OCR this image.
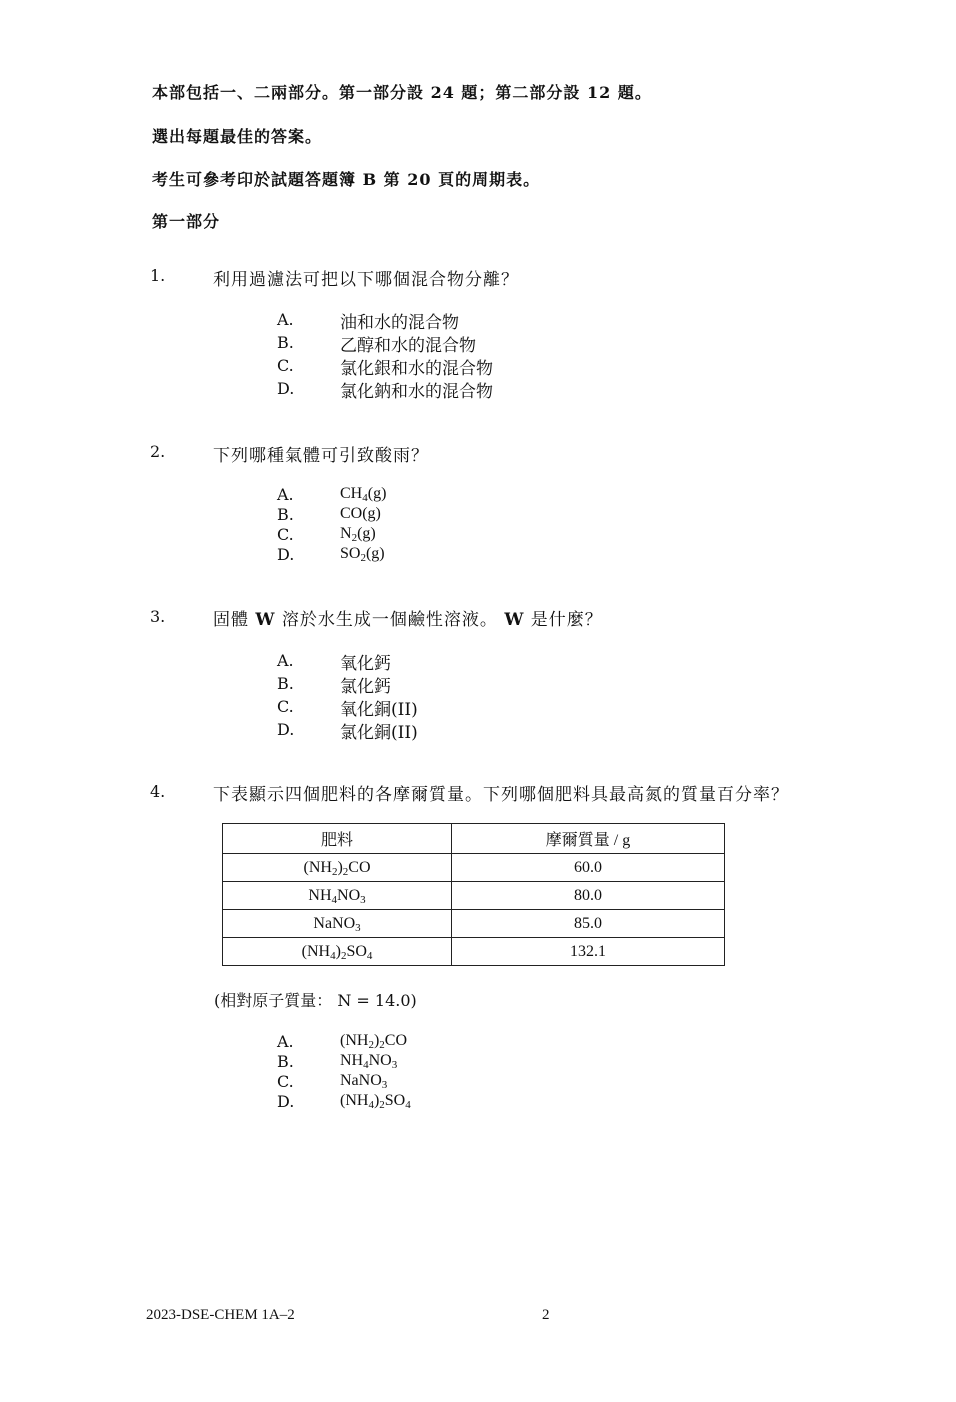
本部包括一、二兩部分。第一部分設 24 題；第二部分設 12 題。
選出每題最佳的答案。
考生可參考印於試題答題簿 B 第 20 頁的周期表。
第一部分
1.	利用過濾法可把以下哪個混合物分離？
A.	油和水的混合物
B.	乙醇和水的混合物
C.	氯化銀和水的混合物
D.	氯化鈉和水的混合物
2.	下列哪種氣體可引致酸雨？
A.	$CH_4(g)$
B.	CO(g)
C.	$N_2(g)$
D.	$SO_2(g)$
3.	固體 W 溶於水生成一個鹼性溶液。 W 是什麼？
A.	氧化鈣
B.	氯化鈣
C.	氧化銅(II)
D.	氯化銅(II)
4.	下表顯示四個肥料的各摩爾質量。下列哪個肥料具最高氮的質量百分率？
肥料	摩爾質量 / g
$(NH_2)_2CO$	60.0
$NH_4NO_3$	80.0
NaNO$_3$	85.0
$(NH_4)_2SO_4$	132.1
(相對原子質量： N = 14.0)
A.	$(NH_2)_2CO$
B.	$NH_4NO_3$
C.	NaNO$_3$
D.	$(NH_4)_2SO_4$
2023-DSE-CHEM 1A–2	2
